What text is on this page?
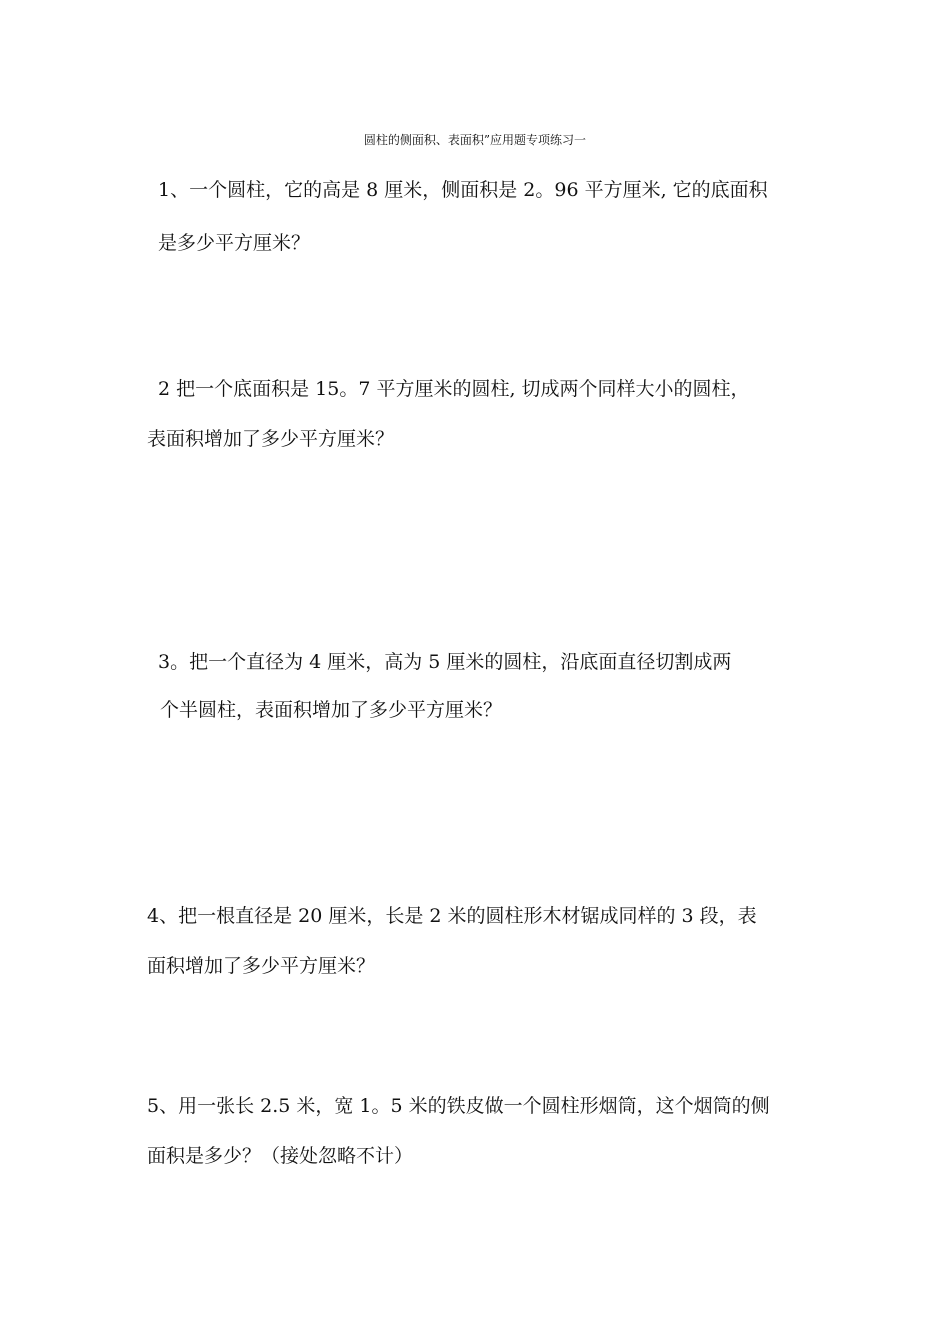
圆柱的侧面积、表面积”应用题专项练习一
1、一个圆柱，它的高是 8 厘米，侧面积是 2。96 平方厘米, 它的底面积
是多少平方厘米？
2 把一个底面积是 15。7 平方厘米的圆柱, 切成两个同样大小的圆柱，
表面积增加了多少平方厘米？
3。把一个直径为 4 厘米，高为 5 厘米的圆柱，沿底面直径切割成两
个半圆柱，表面积增加了多少平方厘米？
4、把一根直径是 20 厘米，长是 2 米的圆柱形木材锯成同样的 3 段，表
面积增加了多少平方厘米？
5、用一张长 2.5 米，宽 1。5 米的铁皮做一个圆柱形烟筒，这个烟筒的侧
面积是多少？（接处忽略不计）
